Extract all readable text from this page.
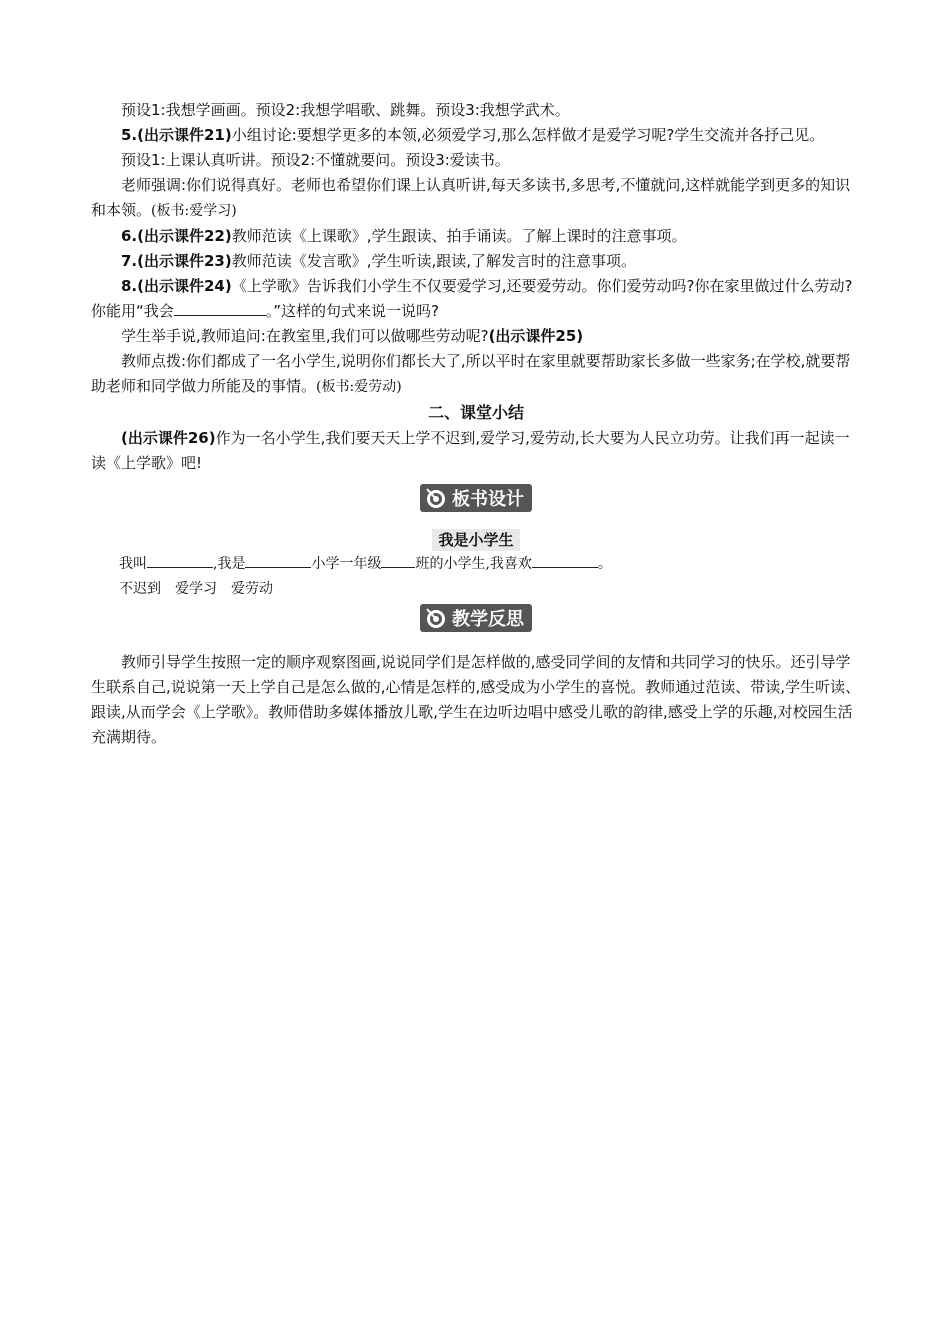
预设1:我想学画画。预设2:我想学唱歌、跳舞。预设3:我想学武术。

5.(出示课件21)小组讨论:要想学更多的本领,必须爱学习,那么怎样做才是爱学习呢?学生交流并各抒己见。

预设1:上课认真听讲。预设2:不懂就要问。预设3:爱读书。

老师强调:你们说得真好。老师也希望你们课上认真听讲,每天多读书,多思考,不懂就问,这样就能学到更多的知识和本领。(板书:爱学习)

6.(出示课件22)教师范读《上课歌》,学生跟读、拍手诵读。了解上课时的注意事项。

7.(出示课件23)教师范读《发言歌》,学生听读,跟读,了解发言时的注意事项。

8.(出示课件24)《上学歌》告诉我们小学生不仅要爱学习,还要爱劳动。你们爱劳动吗?你在家里做过什么劳动?你能用“我会	。”这样的句式来说一说吗?

学生举手说,教师追问:在教室里,我们可以做哪些劳动呢?(出示课件25)

教师点拨:你们都成了一名小学生,说明你们都长大了,所以平时在家里就要帮助家长多做一些家务;在学校,就要帮助老师和同学做力所能及的事情。(板书:爱劳动)

二、课堂小结

(出示课件26)作为一名小学生,我们要天天上学不迟到,爱学习,爱劳动,长大要为人民立功劳。让我们再一起读一读《上学歌》吧!

板书设计
我是小学生

我叫	,我是	小学一年级 班的小学生,我喜欢	。

不迟到 爱学习 爱劳动

教学反思

教师引导学生按照一定的顺序观察图画,说说同学们是怎样做的,感受同学间的友情和共同学习的快乐。还引导学生联系自己,说说第一天上学自己是怎么做的,心情是怎样的,感受成为小学生的喜悦。教师通过范读、带读,学生听读、跟读,从而学会《上学歌》。教师借助多媒体播放儿歌,学生在边听边唱中感受儿歌的韵律,感受上学的乐趣,对校园生活充满期待。
